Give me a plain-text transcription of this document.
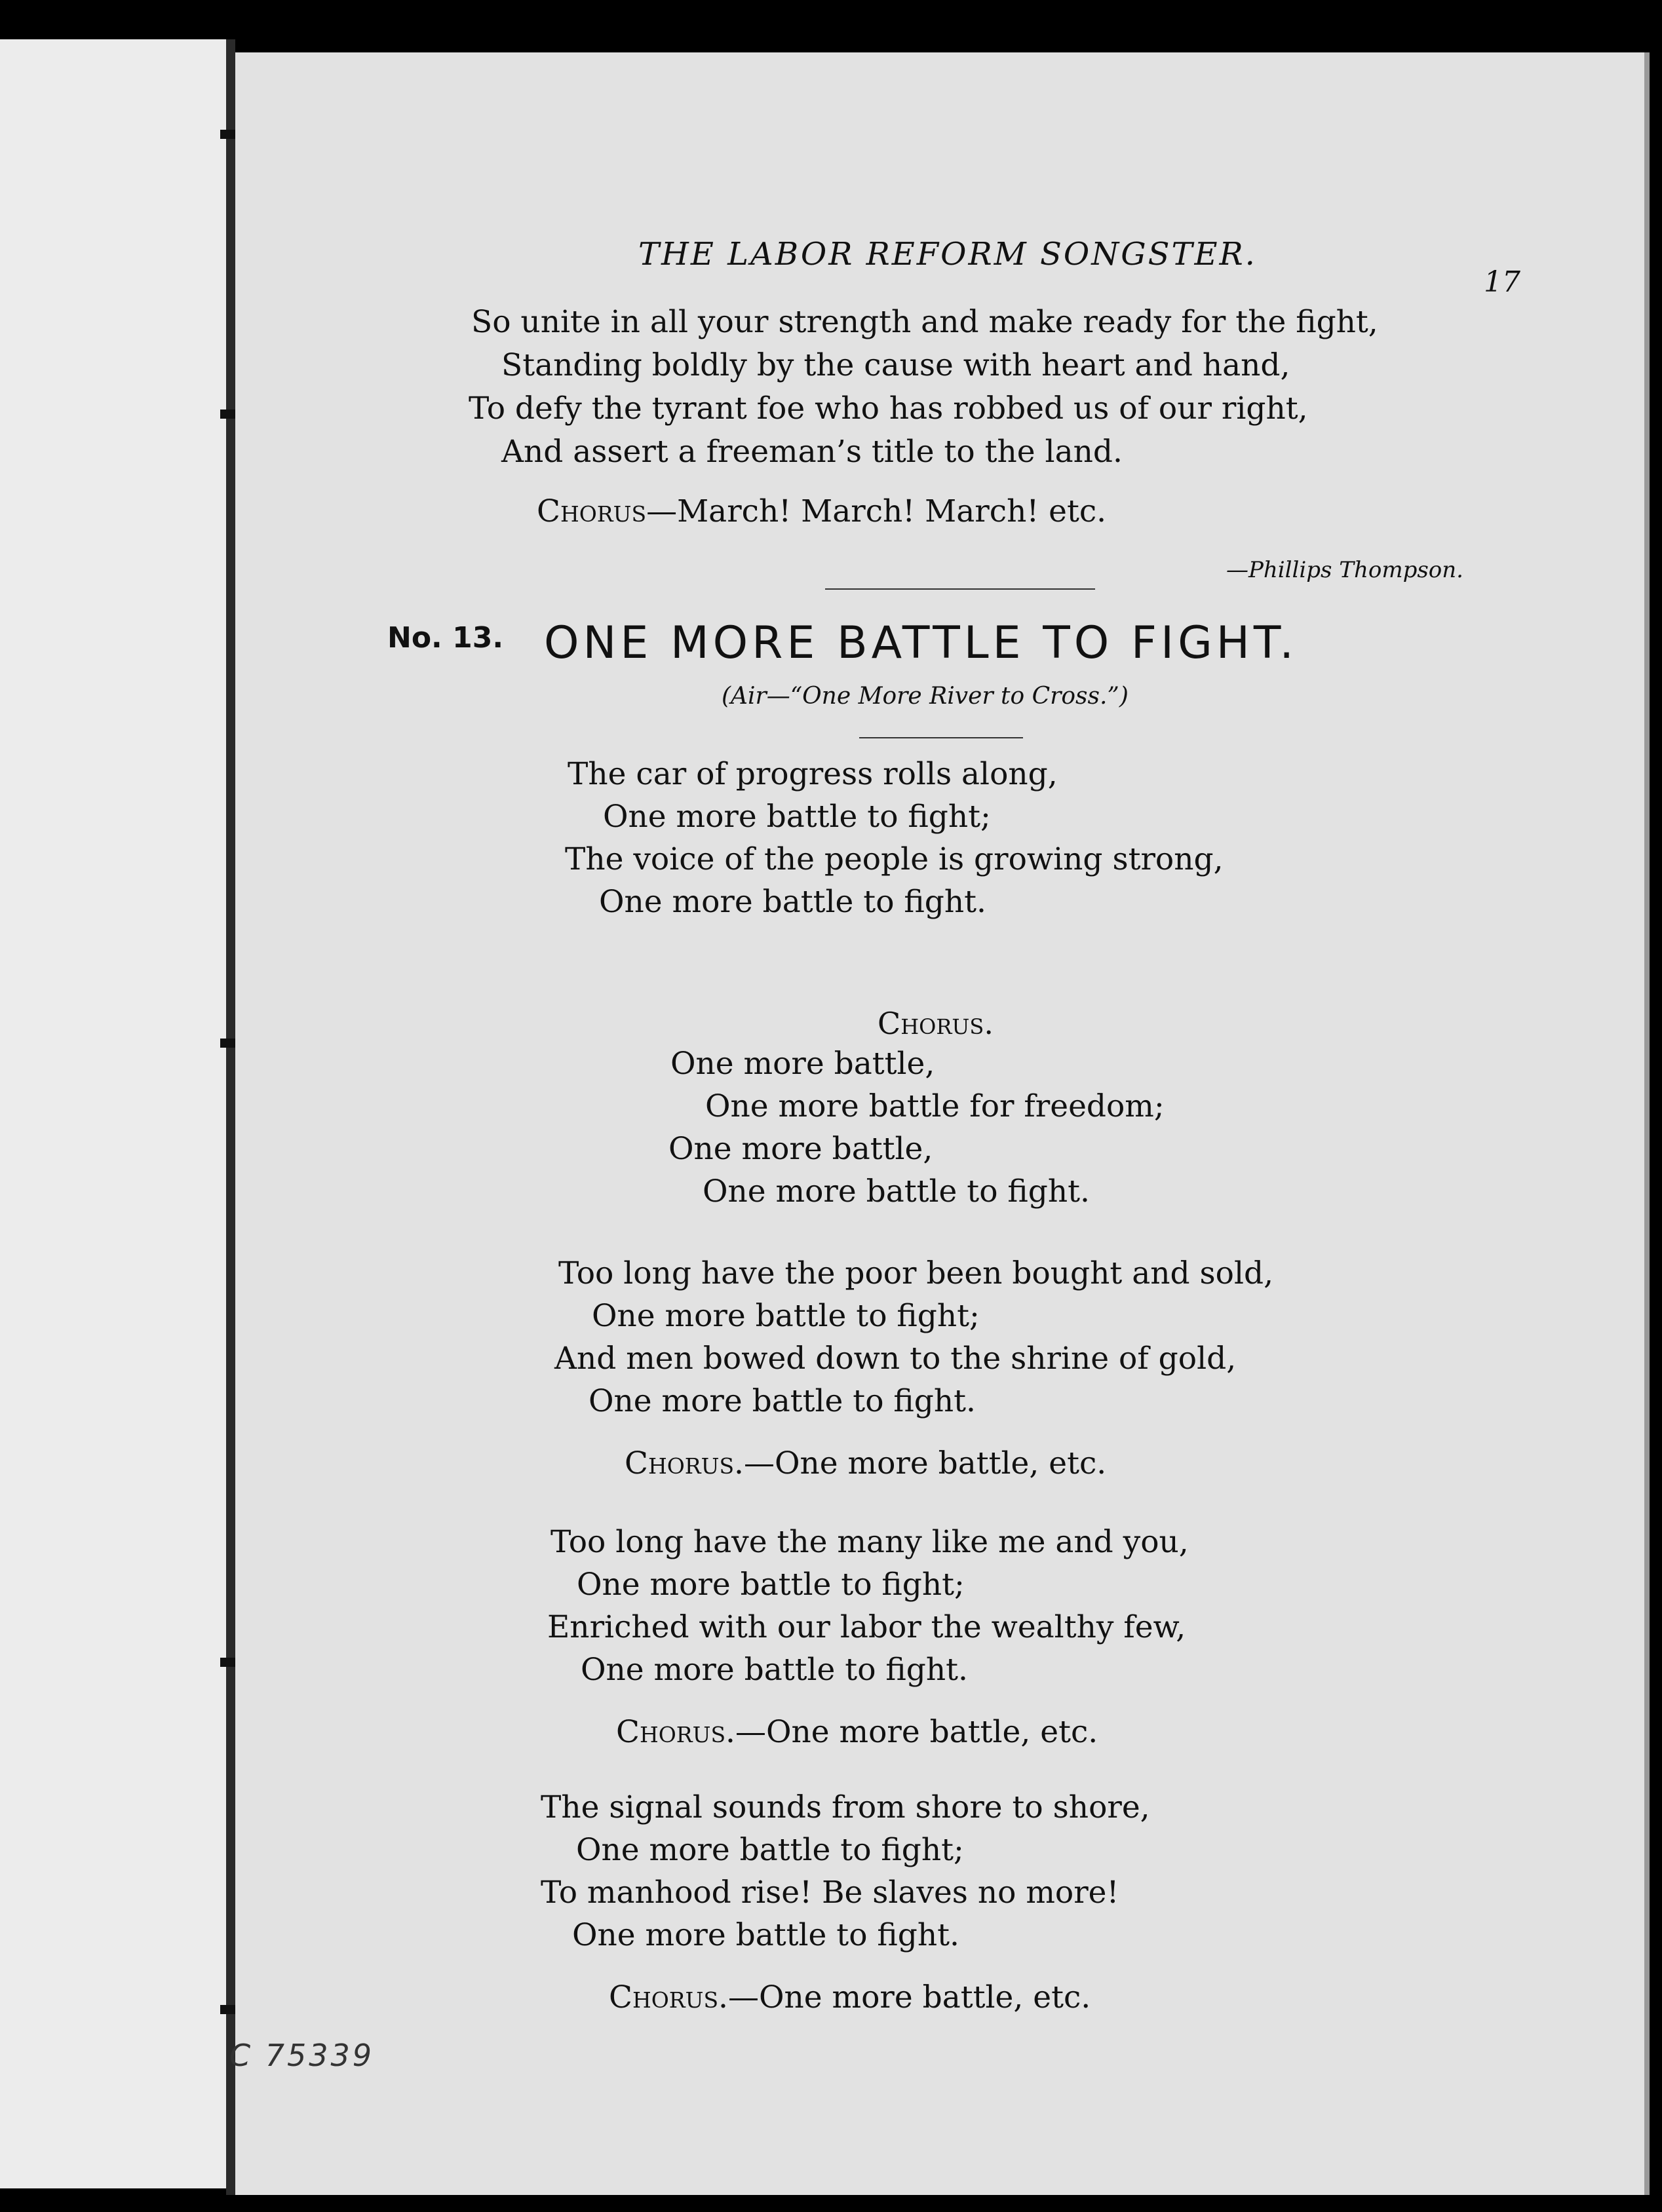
THE LABOR REFORM SONGSTER.
17
So unite in all your strength and make ready for the fight,
Standing boldly by the cause with heart and hand,
To defy the tyrant foe who has robbed us of our right,
And assert a freeman’s title to the land.
Chorus—March! March! March! etc.
—Phillips Thompson.
No. 13. ONE MORE BATTLE TO FIGHT.
(Air—“One More River to Cross.”)
The car of progress rolls along,
One more battle to fight;
The voice of the people is growing strong,
One more battle to fight.
Chorus.
One more battle,
One more battle for freedom;
One more battle,
One more battle to fight.
Too long have the poor been bought and sold,
One more battle to fight;
And men bowed down to the shrine of gold,
One more battle to fight.
Chorus.—One more battle, etc.
Too long have the many like me and you,
One more battle to fight;
Enriched with our labor the wealthy few,
One more battle to fight.
Chorus.—One more battle, etc.
The signal sounds from shore to shore,
One more battle to fight;
To manhood rise! Be slaves no more!
One more battle to fight.
Chorus.—One more battle, etc.
C 75339
